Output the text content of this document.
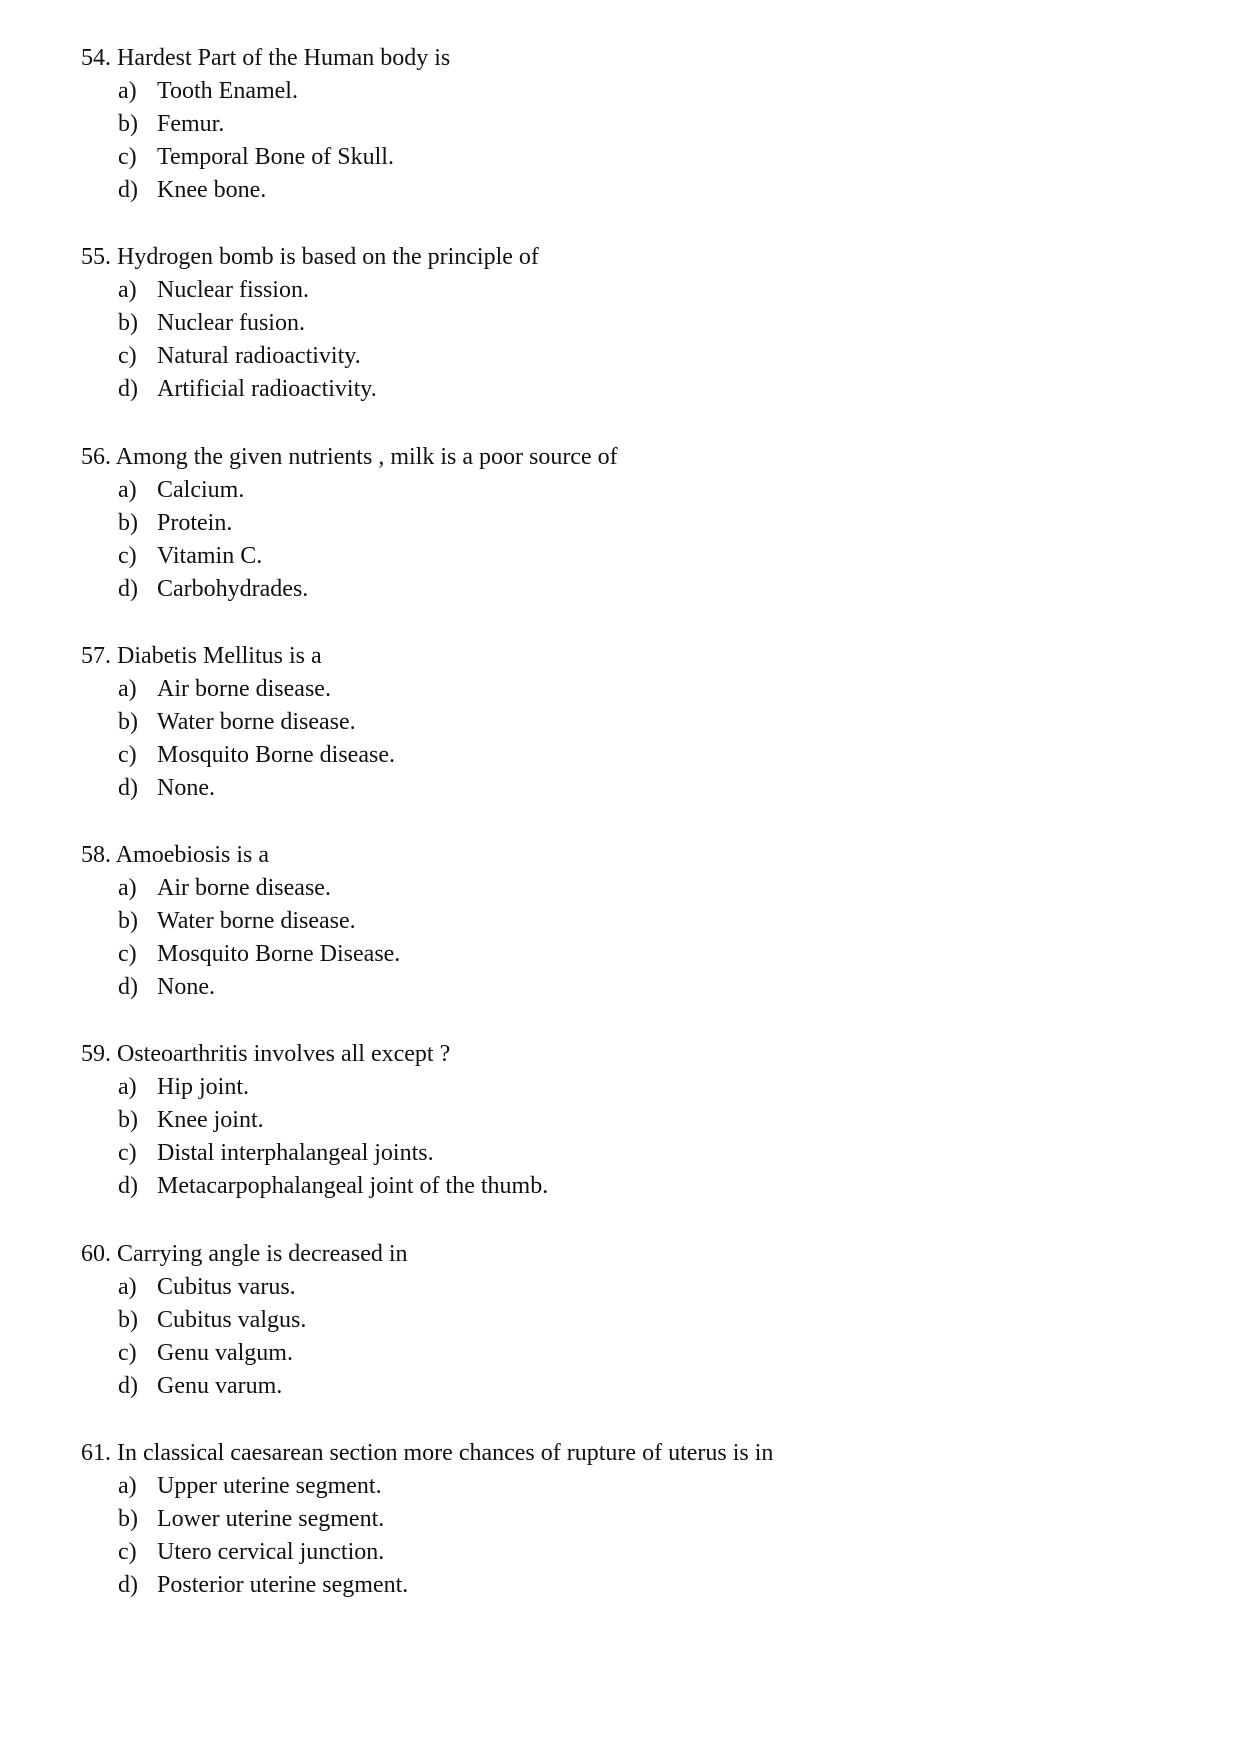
54. Hardest Part of the Human body is
a) Tooth Enamel.
b) Femur.
c) Temporal Bone of Skull.
d) Knee bone.
55. Hydrogen bomb is based on the principle of
a) Nuclear fission.
b) Nuclear fusion.
c) Natural radioactivity.
d) Artificial radioactivity.
56. Among the given nutrients , milk is a poor source of
a) Calcium.
b) Protein.
c) Vitamin C.
d) Carbohydrades.
57. Diabetis Mellitus is a
a) Air borne disease.
b) Water borne disease.
c) Mosquito Borne disease.
d) None.
58. Amoebiosis is a
a) Air borne disease.
b) Water borne disease.
c) Mosquito Borne Disease.
d) None.
59. Osteoarthritis involves all except ?
a) Hip joint.
b) Knee joint.
c) Distal interphalangeal joints.
d) Metacarpophalangeal joint of the thumb.
60. Carrying angle is decreased in
a) Cubitus varus.
b) Cubitus valgus.
c) Genu valgum.
d) Genu varum.
61. In classical caesarean section more chances of rupture of uterus is in
a) Upper uterine segment.
b) Lower uterine segment.
c) Utero cervical junction.
d) Posterior uterine segment.
